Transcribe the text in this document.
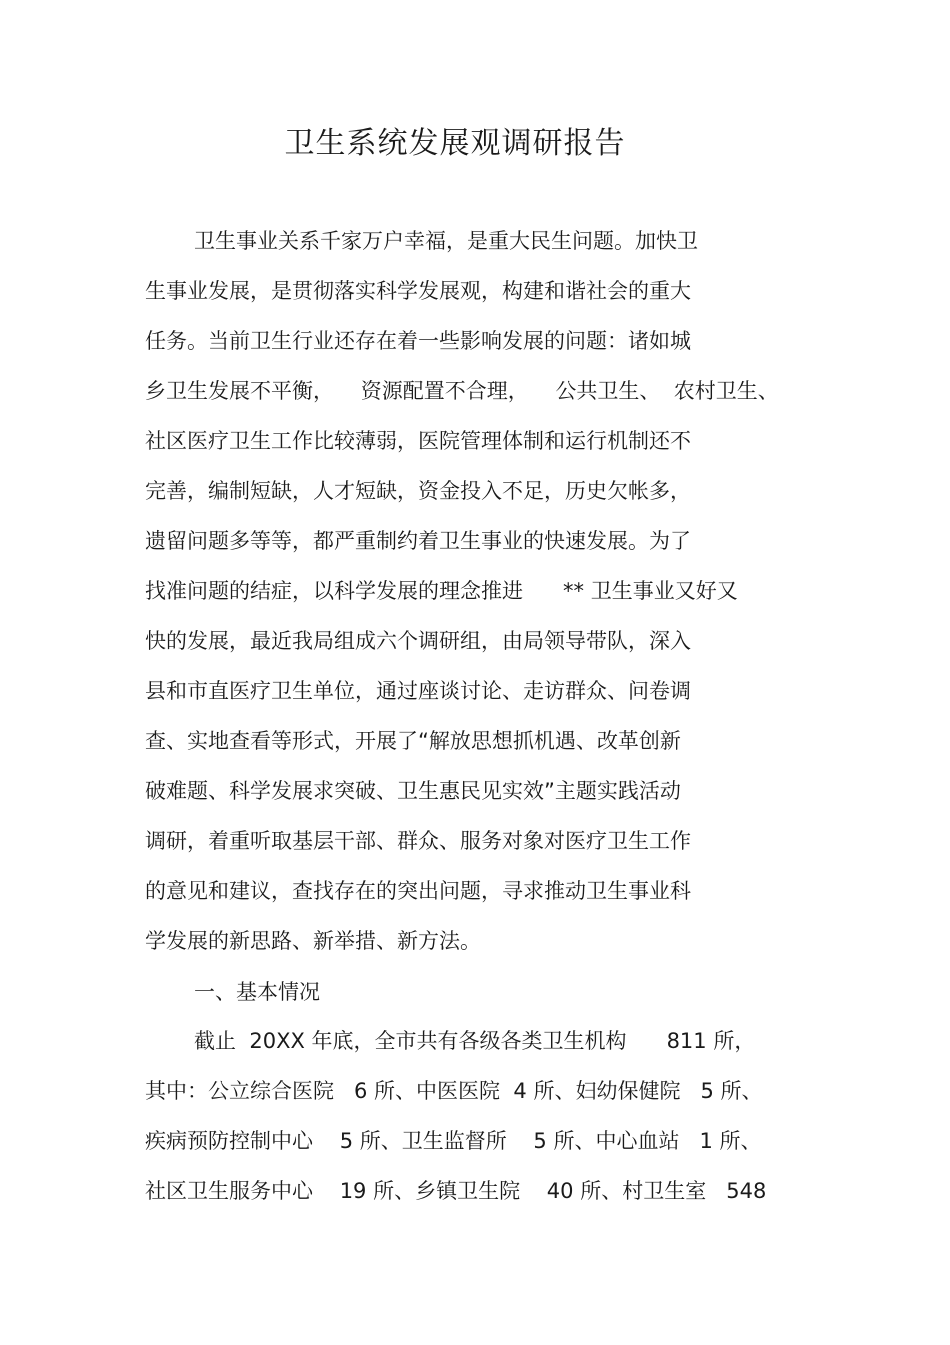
卫生系统发展观调研报告

卫生事业关系千家万户幸福，是重大民生问题。加快卫

生事业发展，是贯彻落实科学发展观，构建和谐社会的重大

任务。当前卫生行业还存在着一些影响发展的问题：诸如城

乡卫生发展不平衡，    资源配置不合理，    公共卫生、  农村卫生、

社区医疗卫生工作比较薄弱，医院管理体制和运行机制还不

完善，编制短缺，人才短缺，资金投入不足，历史欠帐多，

遗留问题多等等，都严重制约着卫生事业的快速发展。为了

找准问题的结症，以科学发展的理念推进      ** 卫生事业又好又

快的发展，最近我局组成六个调研组，由局领导带队，深入

县和市直医疗卫生单位，通过座谈讨论、走访群众、问卷调

查、实地查看等形式，开展了“解放思想抓机遇、改革创新

破难题、科学发展求突破、卫生惠民见实效”主题实践活动

调研，着重听取基层干部、群众、服务对象对医疗卫生工作

的意见和建议，查找存在的突出问题，寻求推动卫生事业科

学发展的新思路、新举措、新方法。

一、基本情况

截止  20XX 年底，全市共有各级各类卫生机构      811 所，

其中：公立综合医院   6 所、中医医院  4 所、妇幼保健院   5 所、

疾病预防控制中心    5 所、卫生监督所    5 所、中心血站   1 所、

社区卫生服务中心    19 所、乡镇卫生院    40 所、村卫生室   548
